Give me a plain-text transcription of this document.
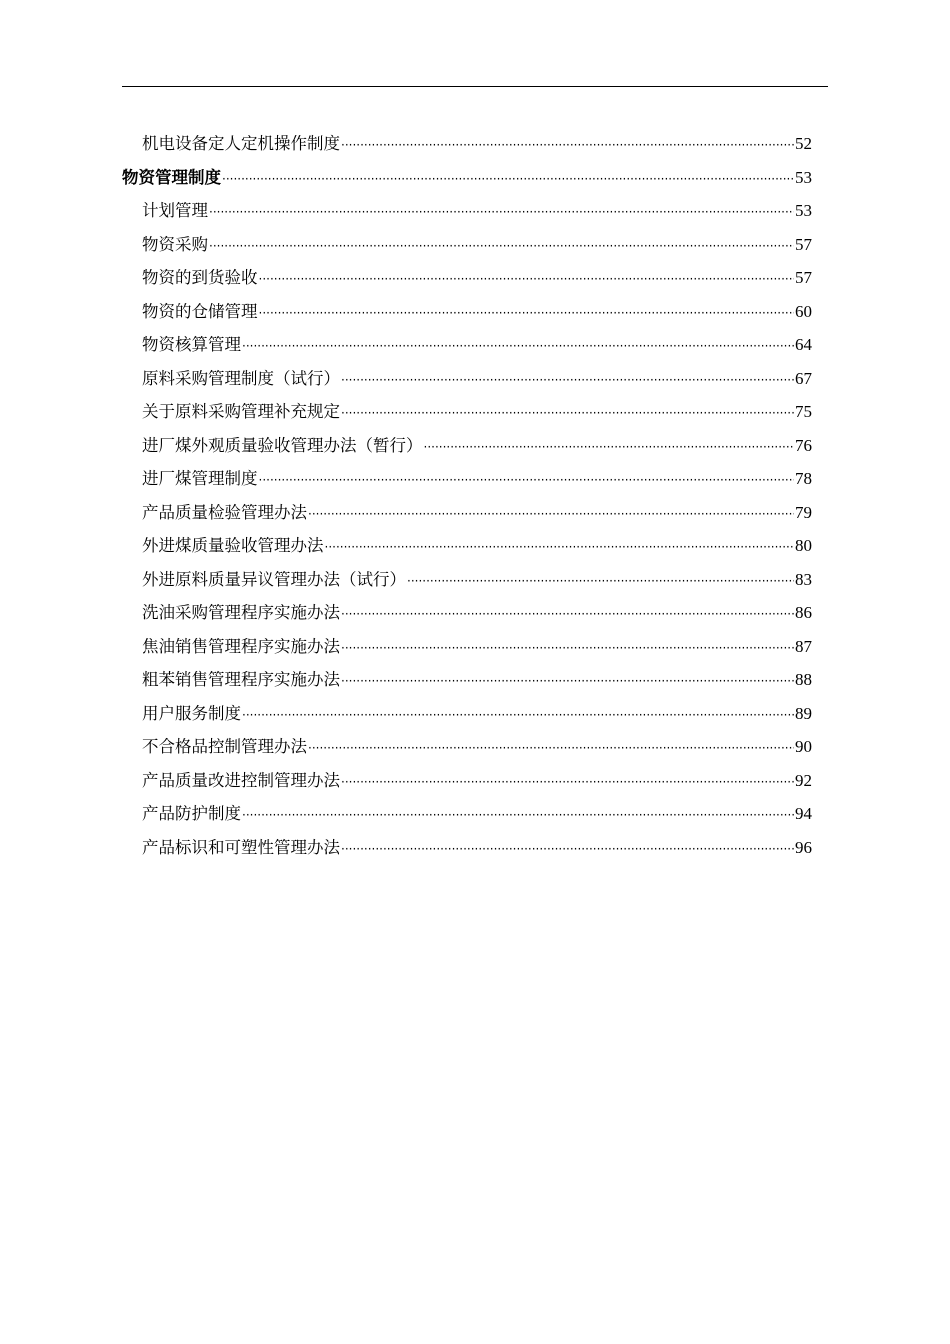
机电设备定人定机操作制度 ·····	52
物资管理制度 ·····	53
计划管理 ·····	53
物资采购 ·····	57
物资的到货验收 ·····	57
物资的仓储管理 ·····	60
物资核算管理 ·····	64
原料采购管理制度（试行） ·····	67
关于原料采购管理补充规定 ·····	75
进厂煤外观质量验收管理办法（暂行） ·····	76
进厂煤管理制度 ·····	78
产品质量检验管理办法 ·····	79
外进煤质量验收管理办法 ·····	80
外进原料质量异议管理办法（试行） ·····	83
洗油采购管理程序实施办法 ·····	86
焦油销售管理程序实施办法 ·····	87
粗苯销售管理程序实施办法 ·····	88
用户服务制度 ·····	89
不合格品控制管理办法 ·····	90
产品质量改进控制管理办法 ·····	92
产品防护制度 ·····	94
产品标识和可塑性管理办法 ·····	96
